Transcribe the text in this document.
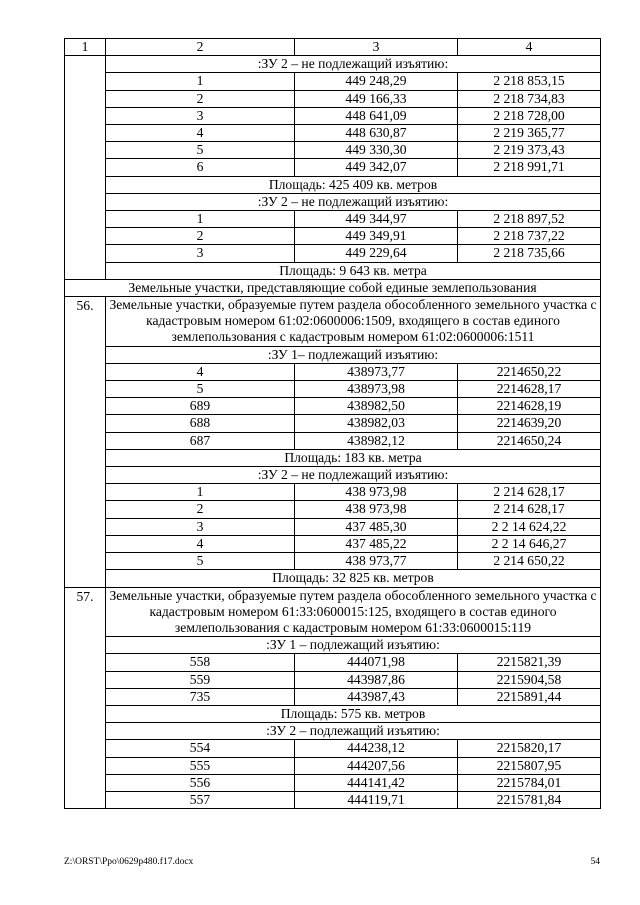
1	2	3	4
	:ЗУ 2 – не подлежащий изъятию:		
	1	449 248,29	2 218 853,15
	2	449 166,33	2 218 734,83
	3	448 641,09	2 218 728,00
	4	448 630,87	2 219 365,77
	5	449 330,30	2 219 373,43
	6	449 342,07	2 218 991,71
	Площадь: 425 409 кв. метров		
	:ЗУ 2 – не подлежащий изъятию:		
	1	449 344,97	2 218 897,52
	2	449 349,91	2 218 737,22
	3	449 229,64	2 218 735,66
	Площадь: 9 643 кв. метра		
Земельные участки, представляющие собой единые землепользования			
56.	Земельные участки, образуемые путем раздела обособленного земельного участка с кадастровым номером 61:02:0600006:1509, входящего в состав единого землепользования с кадастровым номером 61:02:0600006:1511		
	:ЗУ 1– подлежащий изъятию:		
	4	438973,77	2214650,22
	5	438973,98	2214628,17
	689	438982,50	2214628,19
	688	438982,03	2214639,20
	687	438982,12	2214650,24
	Площадь: 183 кв. метра		
	:ЗУ 2 – не подлежащий изъятию:		
	1	438 973,98	2 214 628,17
	2	438 973,98	2 214 628,17
	3	437 485,30	2 2 14 624,22
	4	437 485,22	2 2 14 646,27
	5	438 973,77	2 214 650,22
	Площадь: 32 825 кв. метров		
57.	Земельные участки, образуемые путем раздела обособленного земельного участка с кадастровым номером 61:33:0600015:125, входящего в состав единого землепользования с кадастровым номером 61:33:0600015:119		
	:ЗУ 1 – подлежащий изъятию:		
	558	444071,98	2215821,39
	559	443987,86	2215904,58
	735	443987,43	2215891,44
	Площадь: 575 кв. метров		
	:ЗУ 2 – подлежащий изъятию:		
	554	444238,12	2215820,17
	555	444207,56	2215807,95
	556	444141,42	2215784,01
	557	444119,71	2215781,84
Z:\ORST\Ppo\0629p480.f17.docx	54
